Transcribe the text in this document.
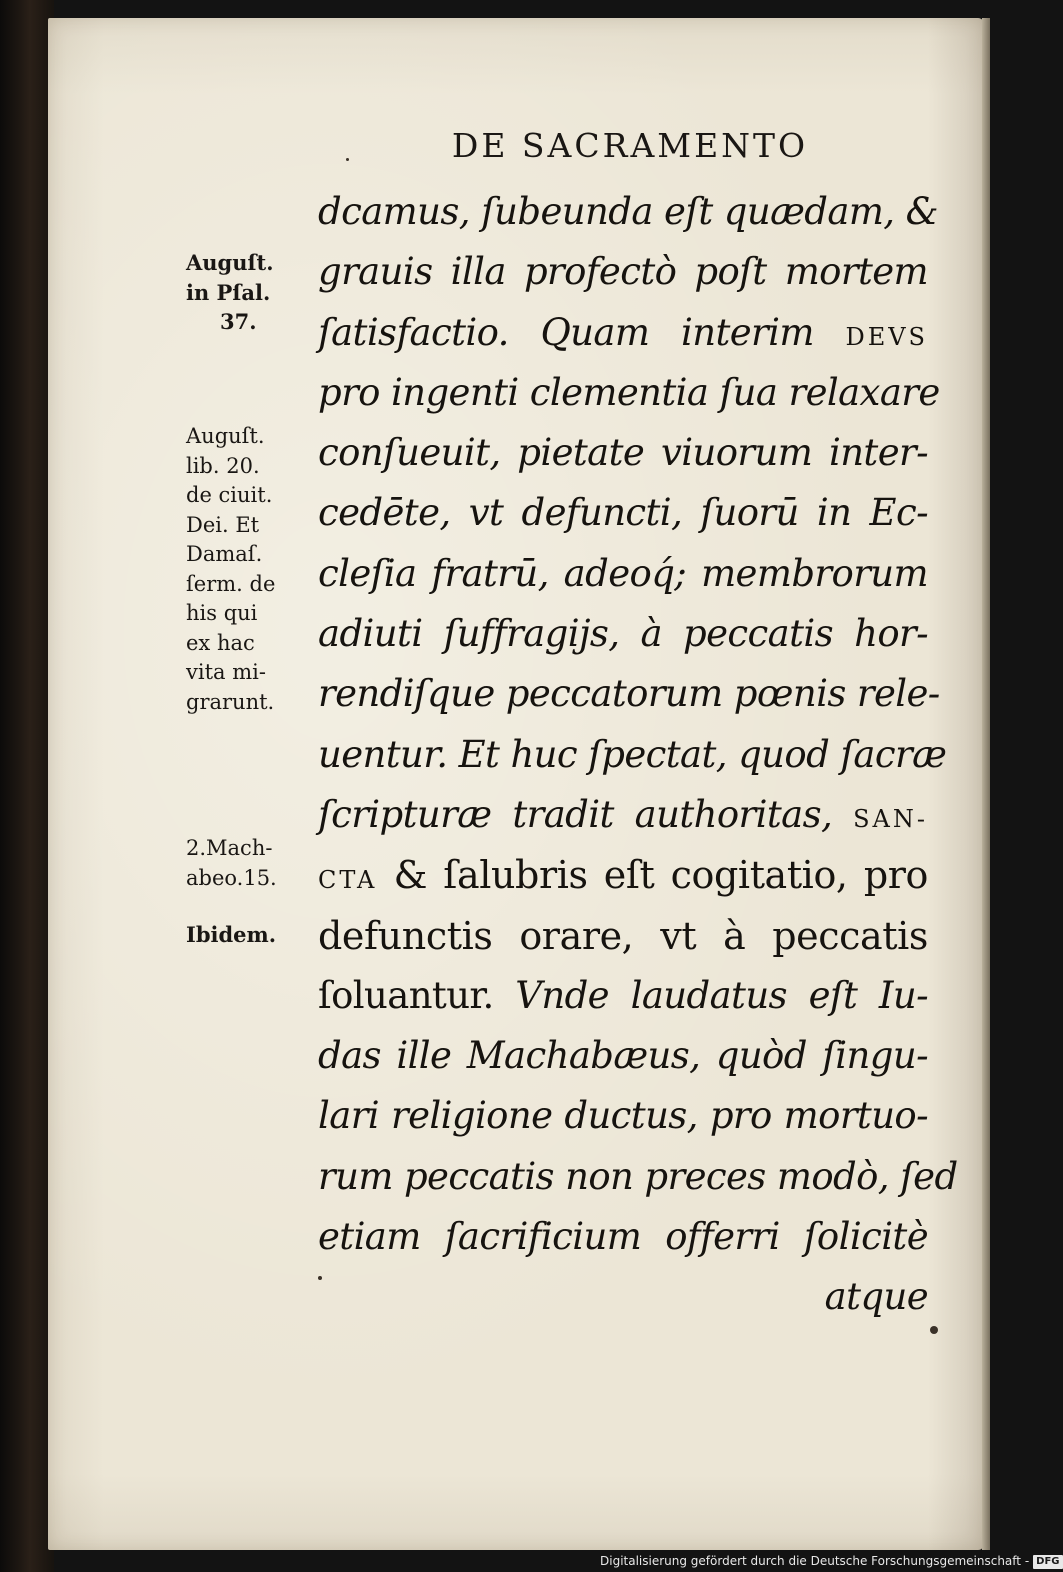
DE SACRAMENTO
dcamus, ſubeunda eſt quædam, &
grauis illa profectò poſt mortem
ſatisfactio. Quam interim DEVS
pro ingenti clementia ſua relaxare
conſueuit, pietate viuorum inter-
cedēte, vt defuncti, ſuorū in Ec-
cleſia fratrū, adeoq́; membrorum
adiuti ſuffragijs, à peccatis hor-
rendiſque peccatorum pœnis rele-
uentur. Et huc ſpectat, quod ſacræ
ſcripturæ tradit authoritas, SAN-
CTA & ſalubris eſt cogitatio, pro
defunctis orare, vt à peccatis
ſoluantur. Vnde laudatus eſt Iu-
das ille Machabæus, quòd ſingu-
lari religione ductus, pro mortuo-
rum peccatis non preces modò, ſed
etiam ſacrificium offerri ſolicitè
atque
Auguſt.
in Pſal.
37.
Auguſt.
lib. 20.
de ciuit.
Dei. Et
Damaſ.
ſerm. de
his qui
ex hac
vita mi-
grarunt.
2.Mach-
abeo.15.
Ibidem.
Digitalisierung gefördert durch die Deutsche Forschungsgemeinschaft - DFG
